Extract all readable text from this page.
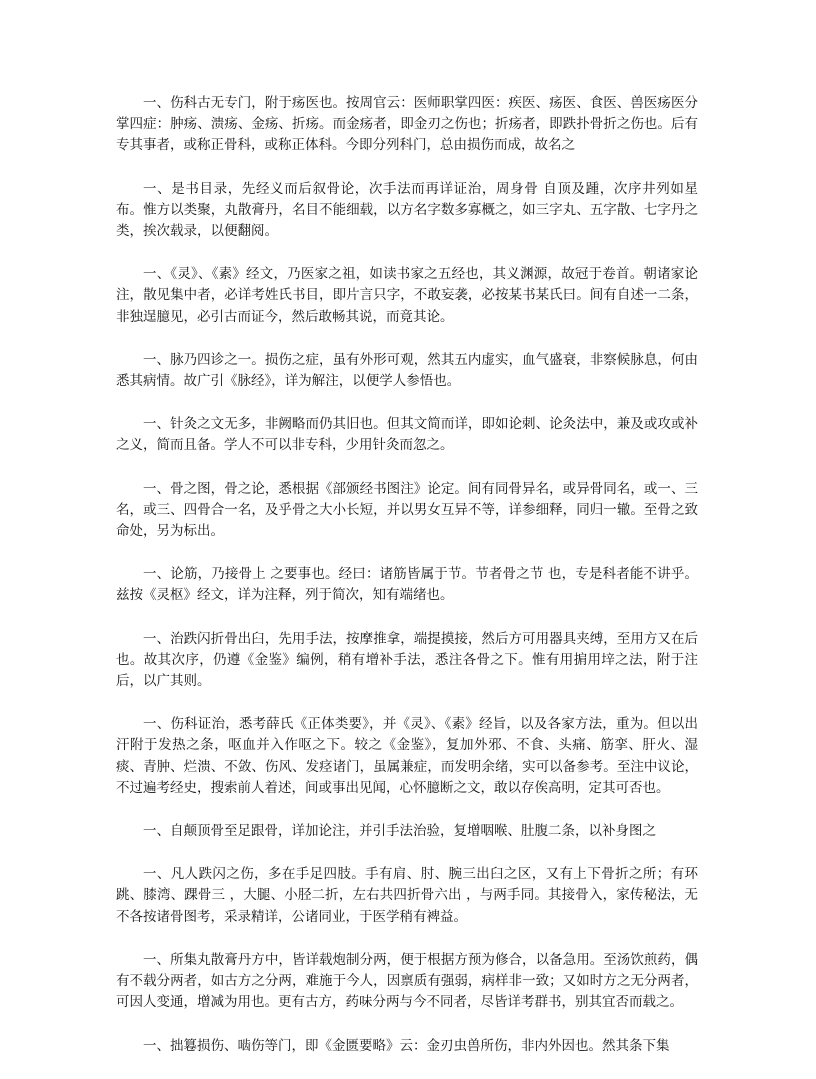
一、伤科古无专门，附于疡医也。按周官云：医师职掌四医：疾医、疡医、食医、兽医疡医分掌四症：肿疡、溃疡、金疡、折疡。而金疡者，即金刃之伤也；折疡者，即跌扑骨折之伤也。后有专其事者，或称正骨科，或称正体科。今即分列科门，总由损伤而成，故名之

一、是书目录，先经义而后叙骨论，次手法而再详证治，周身骨 自顶及踵，次序井列如星布。惟方以类聚，丸散膏丹，名目不能细载，以方名字数多寡概之，如三字丸、五字散、七字丹之类，挨次载录，以便翻阅。

一、《灵》、《素》经文，乃医家之祖，如读书家之五经也，其义渊源，故冠于卷首。朝诸家论注，散见集中者，必详考姓氏书目，即片言只字，不敢妄袭，必按某书某氏曰。间有自述一二条，非独逞臆见，必引古而证今，然后敢畅其说，而竟其论。

一、脉乃四诊之一。损伤之症，虽有外形可观，然其五内虚实，血气盛衰，非察候脉息，何由悉其病情。故广引《脉经》，详为解注，以便学人参悟也。

一、针灸之文无多，非阙略而仍其旧也。但其文简而详，即如论刺、论灸法中，兼及或攻或补之义，简而且备。学人不可以非专科，少用针灸而忽之。

一、骨之图，骨之论，悉根据《部颁经书图注》论定。间有同骨异名，或异骨同名，或一、三名，或三、四骨合一名，及乎骨之大小长短，并以男女互异不等，详参细释，同归一辙。至骨之致命处，另为标出。

一、论筋，乃接骨上 之要事也。经曰：诸筋皆属于节。节者骨之节 也，专是科者能不讲乎。兹按《灵枢》经文，详为注释，列于简次，知有端绪也。

一、治跌闪折骨出臼，先用手法，按摩推拿，端提摸接，然后方可用器具夹缚，至用方又在后也。故其次序，仍遵《金鉴》编例，稍有增补手法，悉注各骨之下。惟有用掮用垶之法，附于注后，以广其则。

一、伤科证治，悉考薛氏《正体类要》，并《灵》、《素》经旨，以及各家方法，重为。但以出汗附于发热之条，呕血并入作呕之下。较之《金鉴》，复加外邪、不食、头痛、筋挛、肝火、湿痰、青肿、烂溃、不敛、伤风、发痉诸门，虽属兼症，而发明余绪，实可以备参考。至注中议论，不过遍考经史，搜索前人着述，间或事出见闻，心怀臆断之文，敢以存俟高明，定其可否也。

一、自颠顶骨至足跟骨，详加论注，并引手法治验，复增咽喉、肚腹二条，以补身图之

一、凡人跌闪之伤，多在手足四肢。手有肩、肘、腕三出臼之区，又有上下骨折之所；有环跳、膝湾、踝骨三 ，大腿、小胫二折，左右共四折骨六出 ，与两手同。其接骨入，家传秘法，无不各按诸骨图考，采录精详，公诸同业，于医学稍有裨益。

一、所集丸散膏丹方中，皆详载炮制分两，便于根据方预为修合，以备急用。至汤饮煎药，偶有不载分两者，如古方之分两，难施于今人，因禀质有强弱，病样非一致；又如时方之无分两者，可因人变通，增减为用也。更有古方，药味分两与今不同者，尽皆详考群书，别其宜否而载之。

一、拙篹损伤、啮伤等门，即《金匮要略》云：金刃虫兽所伤，非内外因也。然其条下集
